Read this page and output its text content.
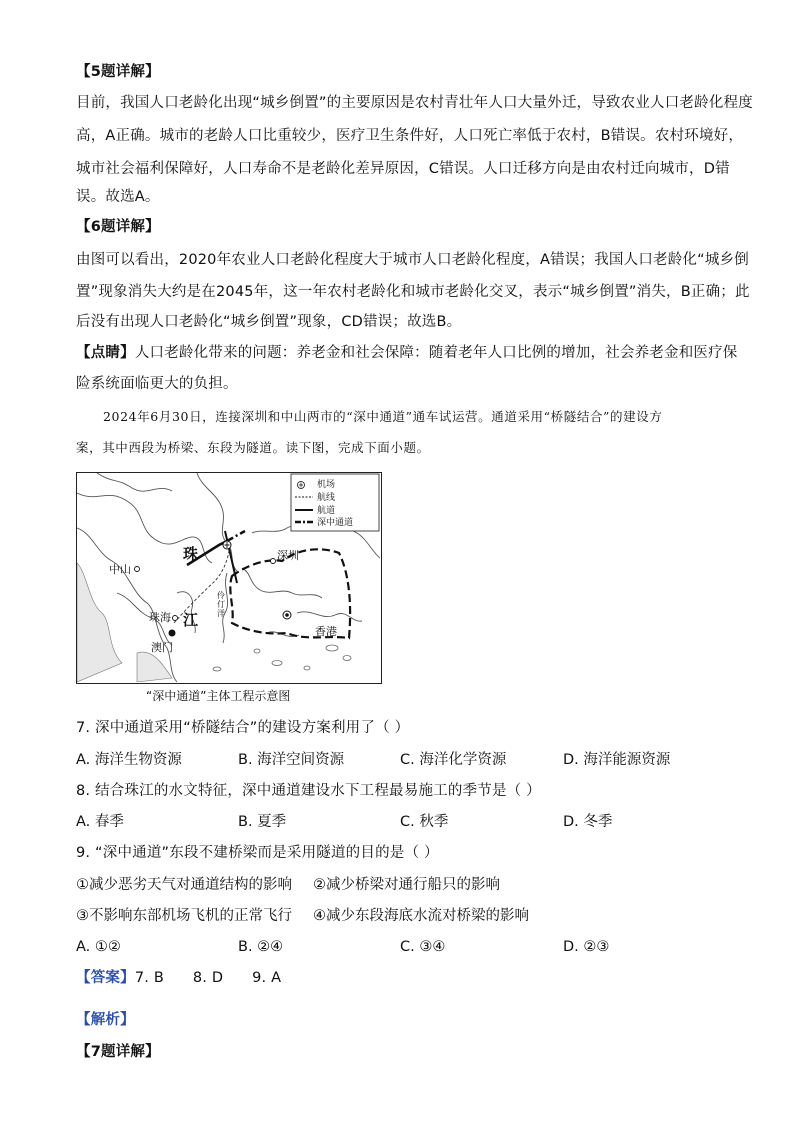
【5题详解】
目前，我国人口老龄化出现“城乡倒置”的主要原因是农村青壮年人口大量外迁，导致农业人口老龄化程度
高，A正确。城市的老龄人口比重较少，医疗卫生条件好，人口死亡率低于农村，B错误。农村环境好，
城市社会福利保障好，人口寿命不是老龄化差异原因，C错误。人口迁移方向是由农村迁向城市，D错
误。故选A。
【6题详解】
由图可以看出，2020年农业人口老龄化程度大于城市人口老龄化程度，A错误；我国人口老龄化“城乡倒
置”现象消失大约是在2045年，这一年农村老龄化和城市老龄化交叉，表示“城乡倒置”消失，B正确；此
后没有出现人口老龄化“城乡倒置”现象，CD错误；故选B。
【点睛】人口老龄化带来的问题：养老金和社会保障：随着老年人口比例的增加，社会养老金和医疗保
险系统面临更大的负担。
2024年6月30日，连接深圳和中山两市的“深中通道”通车试运营。通道采用“桥隧结合”的建设方
案，其中西段为桥梁、东段为隧道。读下图，完成下面小题。
机场
航线
航道
深中通道
珠
江
中山
深圳
珠海
澳门
香港
伶仃洋
“深中通道”主体工程示意图
7. 深中通道采用“桥隧结合”的建设方案利用了（ ）
A. 海洋生物资源	B. 海洋空间资源	C. 海洋化学资源	D. 海洋能源资源
8. 结合珠江的水文特征，深中通道建设水下工程最易施工的季节是（ ）
A. 春季	B. 夏季	C. 秋季	D. 冬季
9. “深中通道”东段不建桥梁而是采用隧道的目的是（ ）
①减少恶劣天气对通道结构的影响 ②减少桥梁对通行船只的影响
③不影响东部机场飞机的正常飞行 ④减少东段海底水流对桥梁的影响
A. ①②	B. ②④	C. ③④	D. ②③
【答案】7. B      8. D      9. A
【解析】
【7题详解】
